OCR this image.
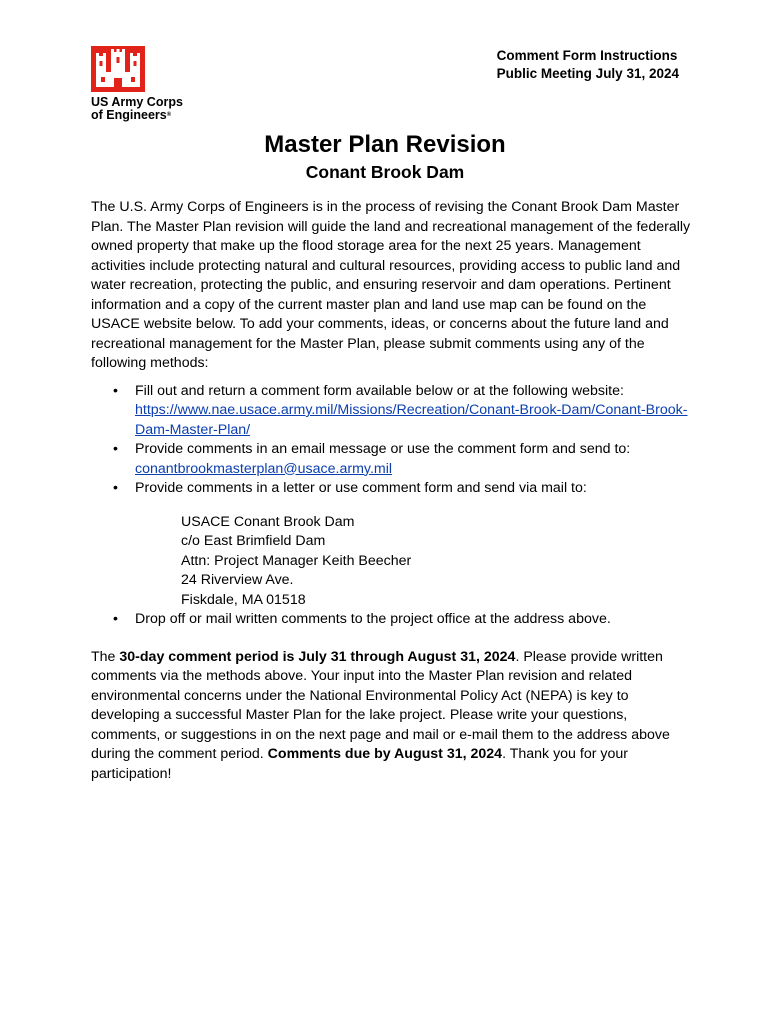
US Army Corps
of Engineers®
Comment Form Instructions
Public Meeting July 31, 2024
Master Plan Revision
Conant Brook Dam

The U.S. Army Corps of Engineers is in the process of revising the Conant Brook Dam Master Plan. The Master Plan revision will guide the land and recreational management of the federally owned property that make up the flood storage area for the next 25 years. Management activities include protecting natural and cultural resources, providing access to public land and water recreation, protecting the public, and ensuring reservoir and dam operations. Pertinent information and a copy of the current master plan and land use map can be found on the USACE website below. To add your comments, ideas, or concerns about the future land and recreational management for the Master Plan, please submit comments using any of the following methods:

• Fill out and return a comment form available below or at the following website:
https://www.nae.usace.army.mil/Missions/Recreation/Conant-Brook-Dam/Conant-Brook-Dam-Master-Plan/
• Provide comments in an email message or use the comment form and send to:
conantbrookmasterplan@usace.army.mil
• Provide comments in a letter or use comment form and send via mail to:
USACE Conant Brook Dam
c/o East Brimfield Dam
Attn: Project Manager Keith Beecher
24 Riverview Ave.
Fiskdale, MA 01518
• Drop off or mail written comments to the project office at the address above.

The 30-day comment period is July 31 through August 31, 2024. Please provide written comments via the methods above. Your input into the Master Plan revision and related environmental concerns under the National Environmental Policy Act (NEPA) is key to developing a successful Master Plan for the lake project. Please write your questions, comments, or suggestions in on the next page and mail or e-mail them to the address above during the comment period. Comments due by August 31, 2024. Thank you for your participation!
